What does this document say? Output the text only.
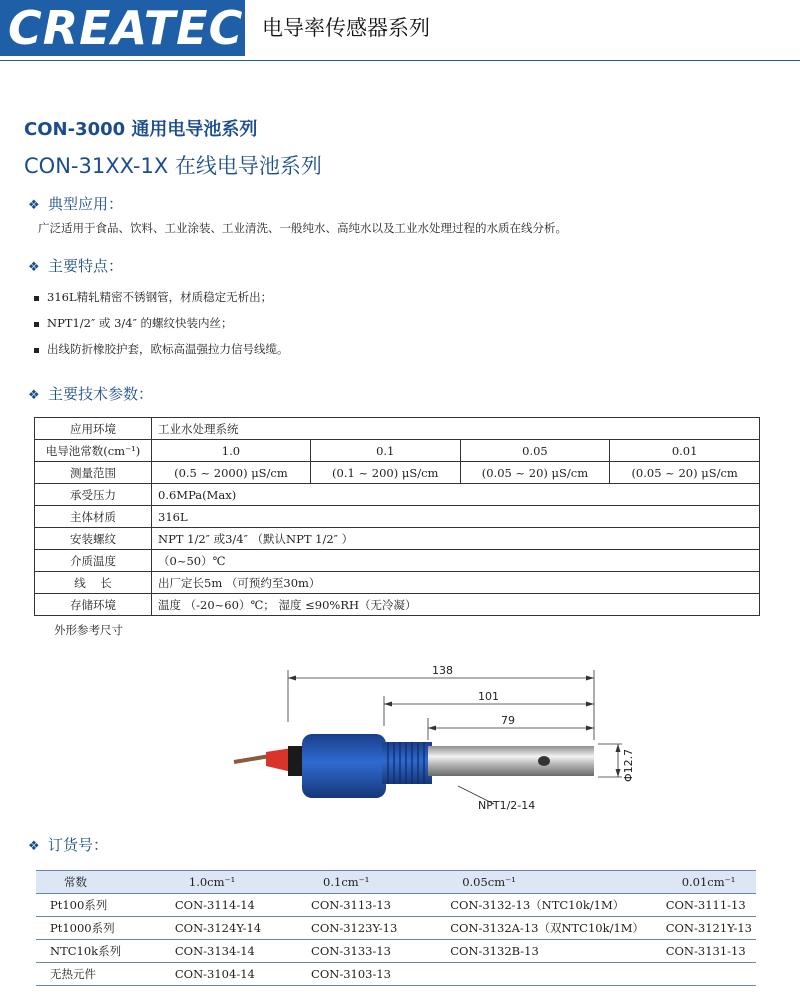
CREATEC 电导率传感器系列
CON-3000 通用电导池系列
CON-31XX-1X 在线电导池系列
❖ 典型应用：
广泛适用于食品、饮料、工业涂装、工业清洗、一般纯水、高纯水以及工业水处理过程的水质在线分析。
❖ 主要特点：
316L精轧精密不锈钢管，材质稳定无析出；
NPT1/2″ 或 3/4″ 的螺纹快装内丝；
出线防折橡胶护套，欧标高温强拉力信号线缆。
❖ 主要技术参数：
应用环境	工业水处理系统			
电导池常数(cm⁻¹)	1.0	0.1	0.05	0.01
测量范围	(0.5 ~ 2000) μS/cm	(0.1 ~ 200) μS/cm	(0.05 ~ 20) μS/cm	(0.05 ~ 20) μS/cm
承受压力	0.6MPa(Max)			
主体材质	316L			
安装螺纹	NPT 1/2″ 或3/4″ （默认NPT 1/2″ ）			
介质温度	（0~50）℃			
线    长	出厂定长5m （可预约至30m）			
存储环境	温度 （-20~60）℃； 湿度 ≤90%RH（无冷凝）			
外形参考尺寸
138
101
79
Φ12.7
NPT1/2-14
❖ 订货号：
常数	1.0cm⁻¹	0.1cm⁻¹	0.05cm⁻¹	0.01cm⁻¹
Pt100系列	CON-3114-14	CON-3113-13	CON-3132-13（NTC10k/1M）	CON-3111-13
Pt1000系列	CON-3124Y-14	CON-3123Y-13	CON-3132A-13（双NTC10k/1M）	CON-3121Y-13
NTC10k系列	CON-3134-14	CON-3133-13	CON-3132B-13	CON-3131-13
无热元件	CON-3104-14	CON-3103-13		
